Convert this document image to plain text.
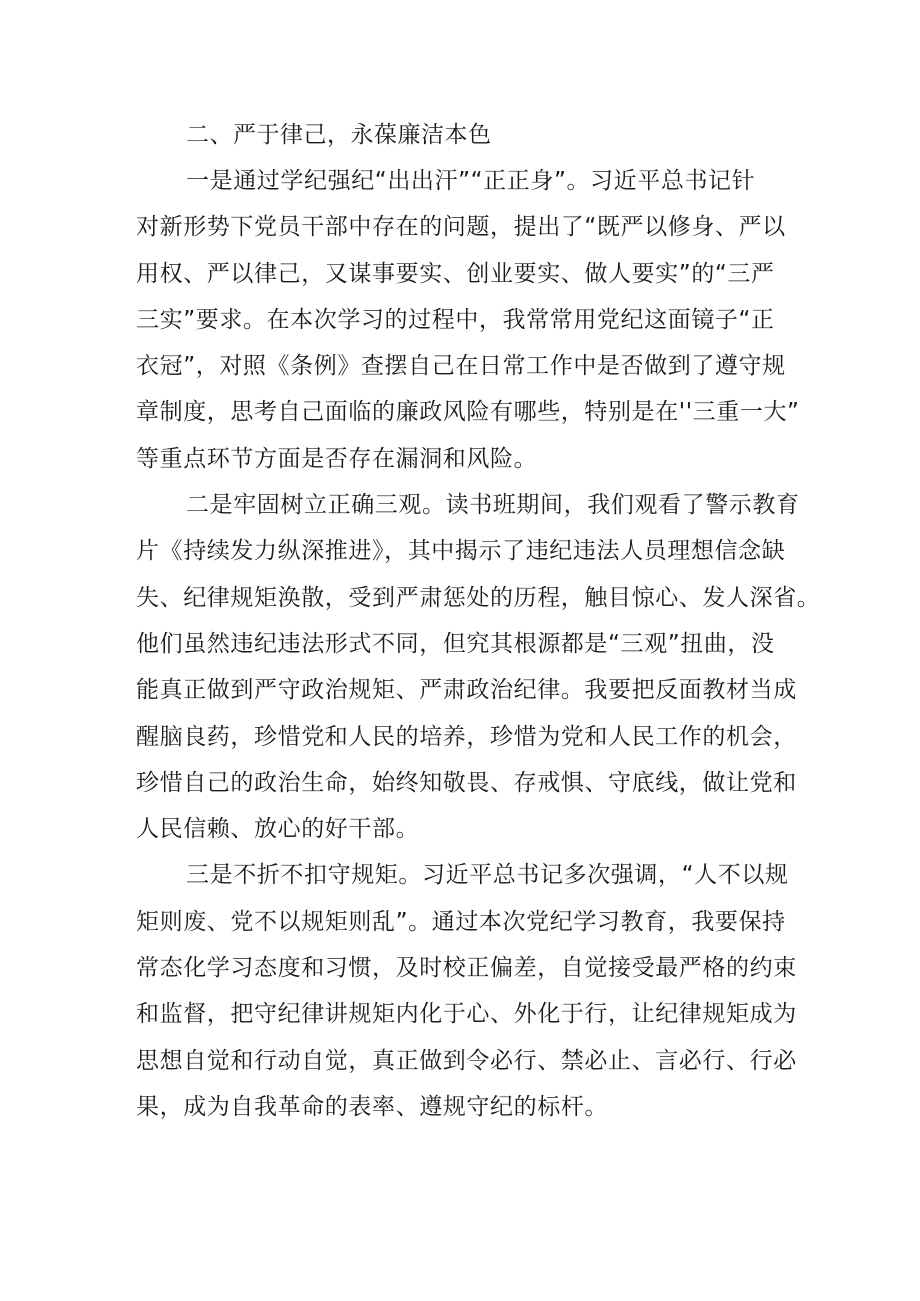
二、严于律己，永葆廉洁本色
一是通过学纪强纪“出出汗”“正正身”。习近平总书记针
对新形势下党员干部中存在的问题，提出了“既严以修身、严以
用权、严以律己，又谋事要实、创业要实、做人要实”的“三严
三实”要求。在本次学习的过程中，我常常用党纪这面镜子“正
衣冠”，对照《条例》查摆自己在日常工作中是否做到了遵守规
章制度，思考自己面临的廉政风险有哪些，特别是在''三重一大”
等重点环节方面是否存在漏洞和风险。
二是牢固树立正确三观。读书班期间，我们观看了警示教育
片《持续发力纵深推进》，其中揭示了违纪违法人员理想信念缺
失、纪律规矩涣散，受到严肃惩处的历程，触目惊心、发人深省。
他们虽然违纪违法形式不同，但究其根源都是“三观”扭曲，没
能真正做到严守政治规矩、严肃政治纪律。我要把反面教材当成
醒脑良药，珍惜党和人民的培养，珍惜为党和人民工作的机会，
珍惜自己的政治生命，始终知敬畏、存戒惧、守底线，做让党和
人民信赖、放心的好干部。
三是不折不扣守规矩。习近平总书记多次强调，“人不以规
矩则废、党不以规矩则乱”。通过本次党纪学习教育，我要保持
常态化学习态度和习惯，及时校正偏差，自觉接受最严格的约束
和监督，把守纪律讲规矩内化于心、外化于行，让纪律规矩成为
思想自觉和行动自觉，真正做到令必行、禁必止、言必行、行必
果，成为自我革命的表率、遵规守纪的标杆。
